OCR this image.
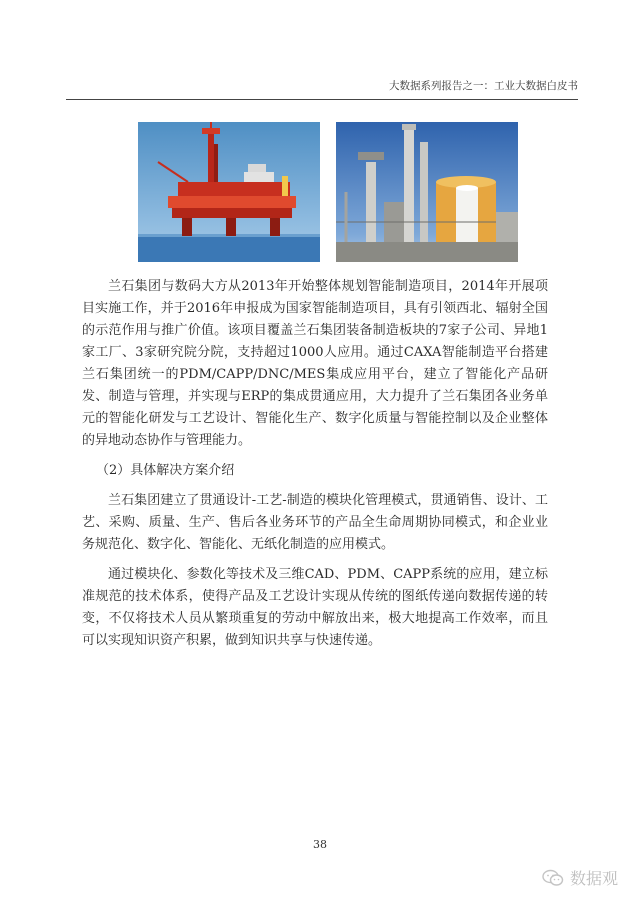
大数据系列报告之一：工业大数据白皮书

兰石集团与数码大方从2013年开始整体规划智能制造项目，2014年开展项目实施工作，并于2016年申报成为国家智能制造项目，具有引领西北、辐射全国的示范作用与推广价值。该项目覆盖兰石集团装备制造板块的7家子公司、异地1家工厂、3家研究院分院，支持超过1000人应用。通过CAXA智能制造平台搭建兰石集团统一的PDM/CAPP/DNC/MES集成应用平台，建立了智能化产品研发、制造与管理，并实现与ERP的集成贯通应用，大力提升了兰石集团各业务单元的智能化研发与工艺设计、智能化生产、数字化质量与智能控制以及企业整体的异地动态协作与管理能力。

（2）具体解决方案介绍

兰石集团建立了贯通设计-工艺-制造的模块化管理模式，贯通销售、设计、工艺、采购、质量、生产、售后各业务环节的产品全生命周期协同模式，和企业业务规范化、数字化、智能化、无纸化制造的应用模式。

通过模块化、参数化等技术及三维CAD、PDM、CAPP系统的应用，建立标准规范的技术体系，使得产品及工艺设计实现从传统的图纸传递向数据传递的转变，不仅将技术人员从繁琐重复的劳动中解放出来，极大地提高工作效率，而且可以实现知识资产积累，做到知识共享与快速传递。

38
数据观
